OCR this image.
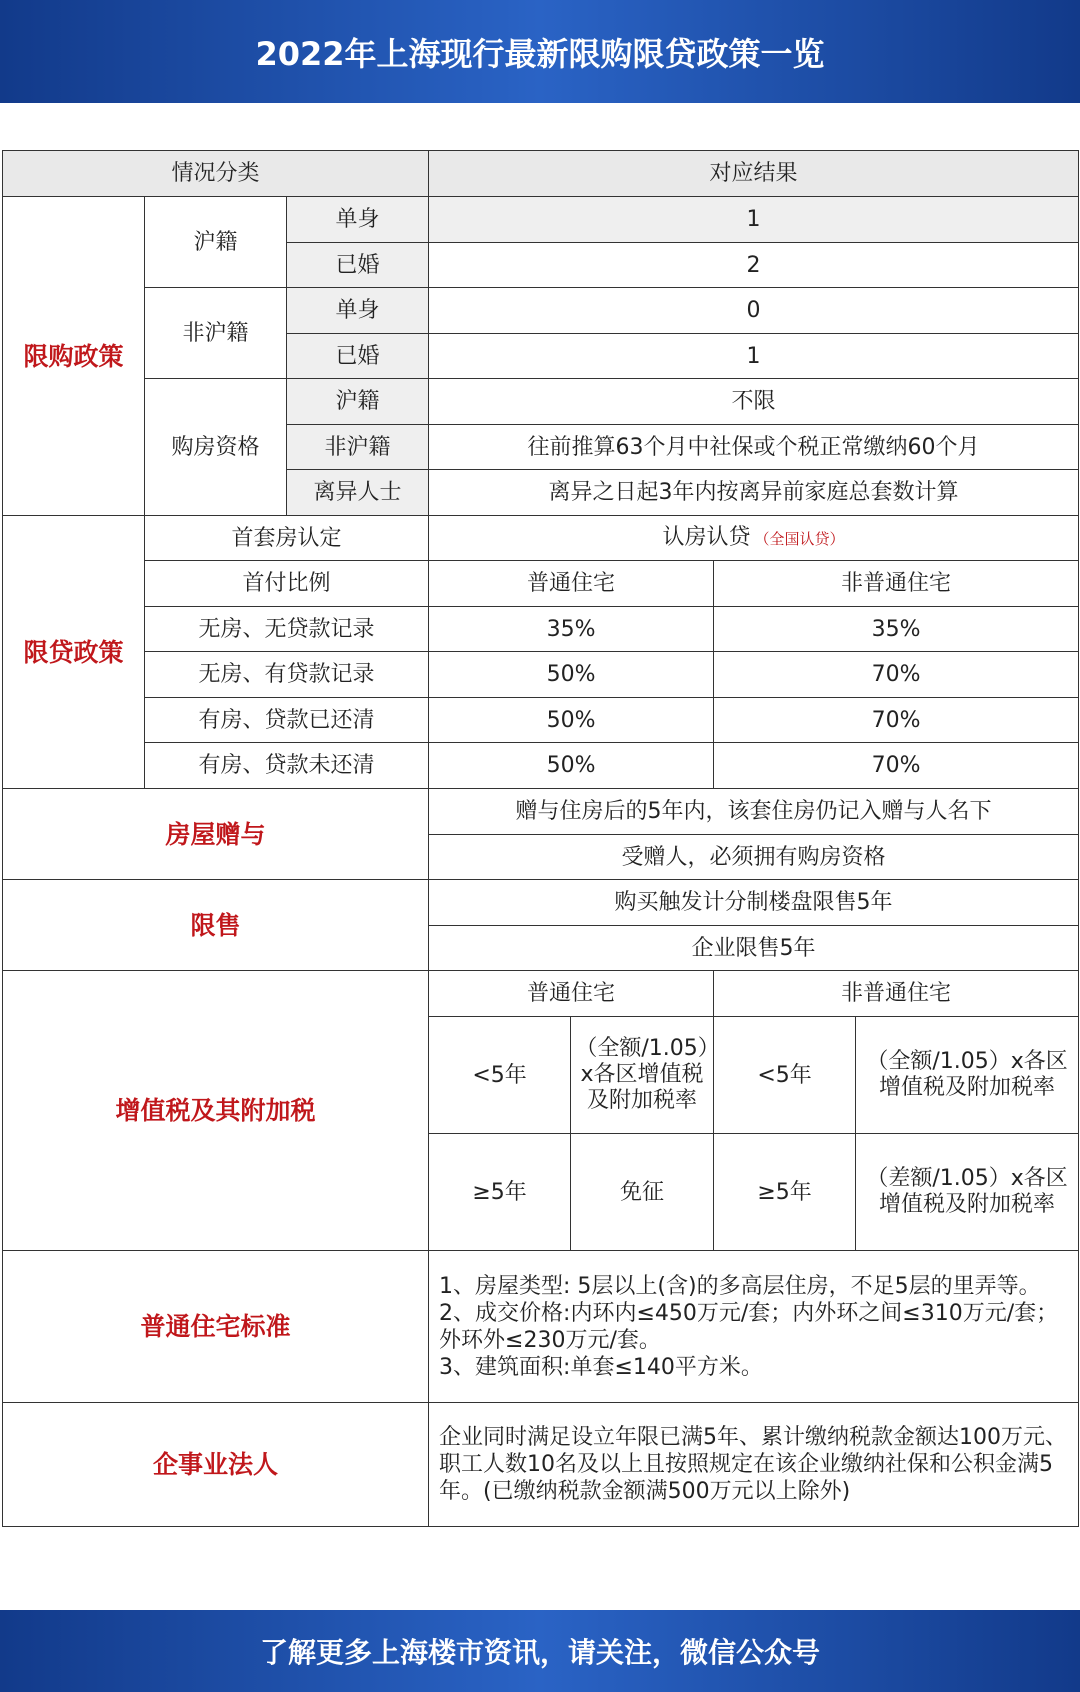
2022年上海现行最新限购限贷政策一览
情况分类			对应结果			
限购政策	沪籍	单身	1			
		已婚	2			
	非沪籍	单身	0			
		已婚	1			
	购房资格	沪籍	不限			
		非沪籍	往前推算63个月中社保或个税正常缴纳60个月			
		离异人士	离异之日起3年内按离异前家庭总套数计算			
限贷政策	首套房认定		认房认贷 （全国认贷）			
	首付比例		普通住宅		非普通住宅	
	无房、无贷款记录		35%		35%	
	无房、有贷款记录		50%		70%	
	有房、贷款已还清		50%		70%	
	有房、贷款未还清		50%		70%	
房屋赠与			赠与住房后的5年内，该套住房仍记入赠与人名下			
			受赠人，必须拥有购房资格			
限售			购买触发计分制楼盘限售5年			
			企业限售5年			
增值税及其附加税			普通住宅		非普通住宅	
			<5年	（全额/1.05）x各区增值税及附加税率	<5年	（全额/1.05）x各区增值税及附加税率
			≥5年	免征	≥5年	（差额/1.05）x各区增值税及附加税率
普通住宅标准			1、房屋类型: 5层以上(含)的多高层住房，不足5层的里弄等。
2、成交价格:内环内≤450万元/套；内外环之间≤310万元/套；外环外≤230万元/套。
3、建筑面积:单套≤140平方米。			

企事业法人			企业同时满足设立年限已满5年、累计缴纳税款金额达100万元、职工人数10名及以上且按照规定在该企业缴纳社保和公积金满5年。(已缴纳税款金额满500万元以上除外)			
了解更多上海楼市资讯，请关注，微信公众号
